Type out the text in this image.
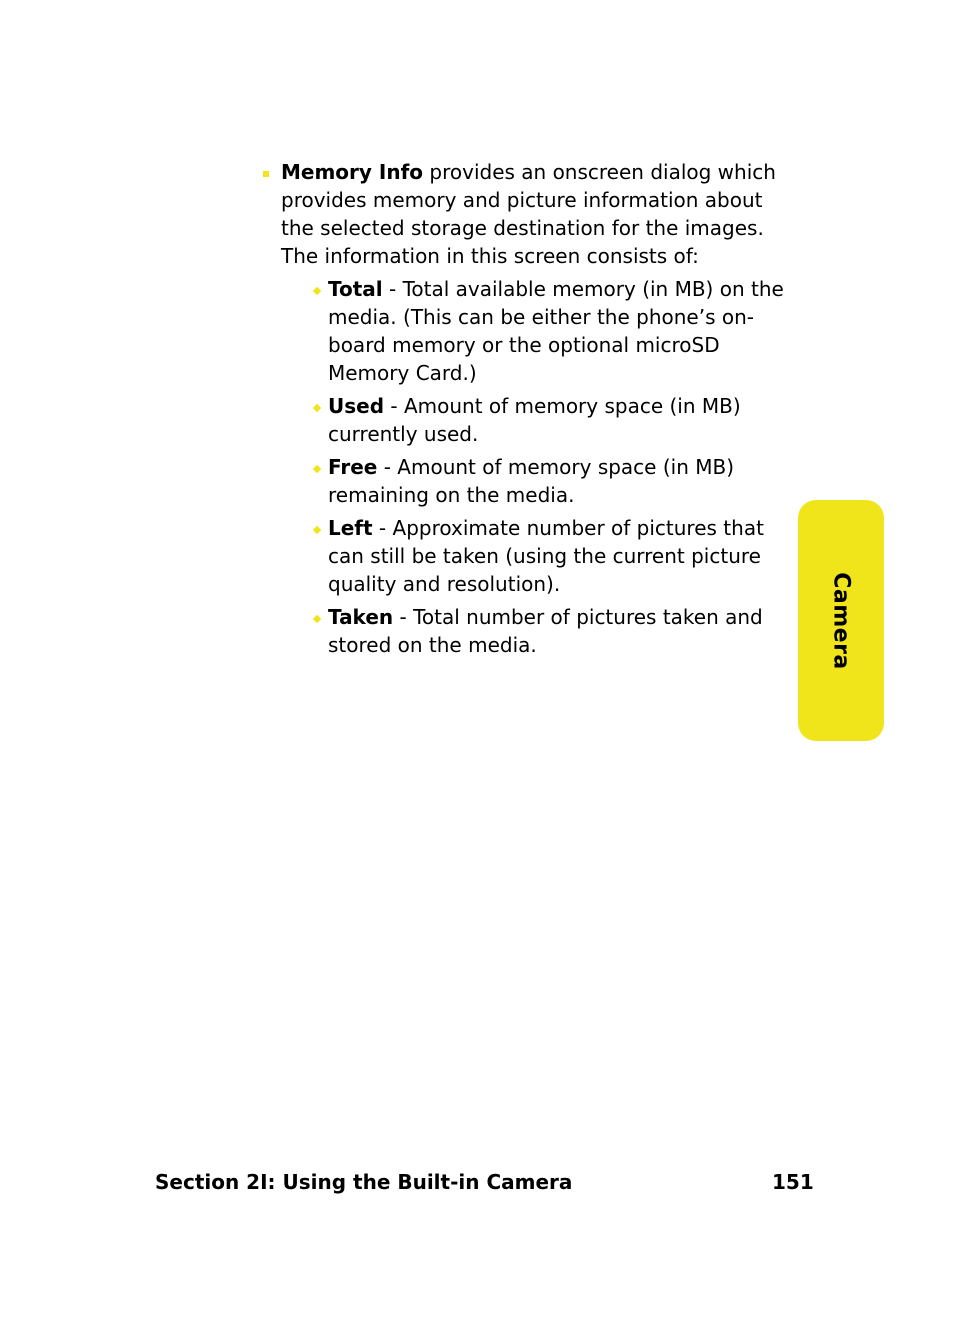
Memory Info provides an onscreen dialog which provides memory and picture information about the selected storage destination for the images. The information in this screen consists of:
Total - Total available memory (in MB) on the media. (This can be either the phone’s on-board memory or the optional microSD Memory Card.)
Used - Amount of memory space (in MB) currently used.
Free - Amount of memory space (in MB) remaining on the media.
Left - Approximate number of pictures that can still be taken (using the current picture quality and resolution).
Taken - Total number of pictures taken and stored on the media.	Camera
Section 2I: Using the Built-in Camera	151
